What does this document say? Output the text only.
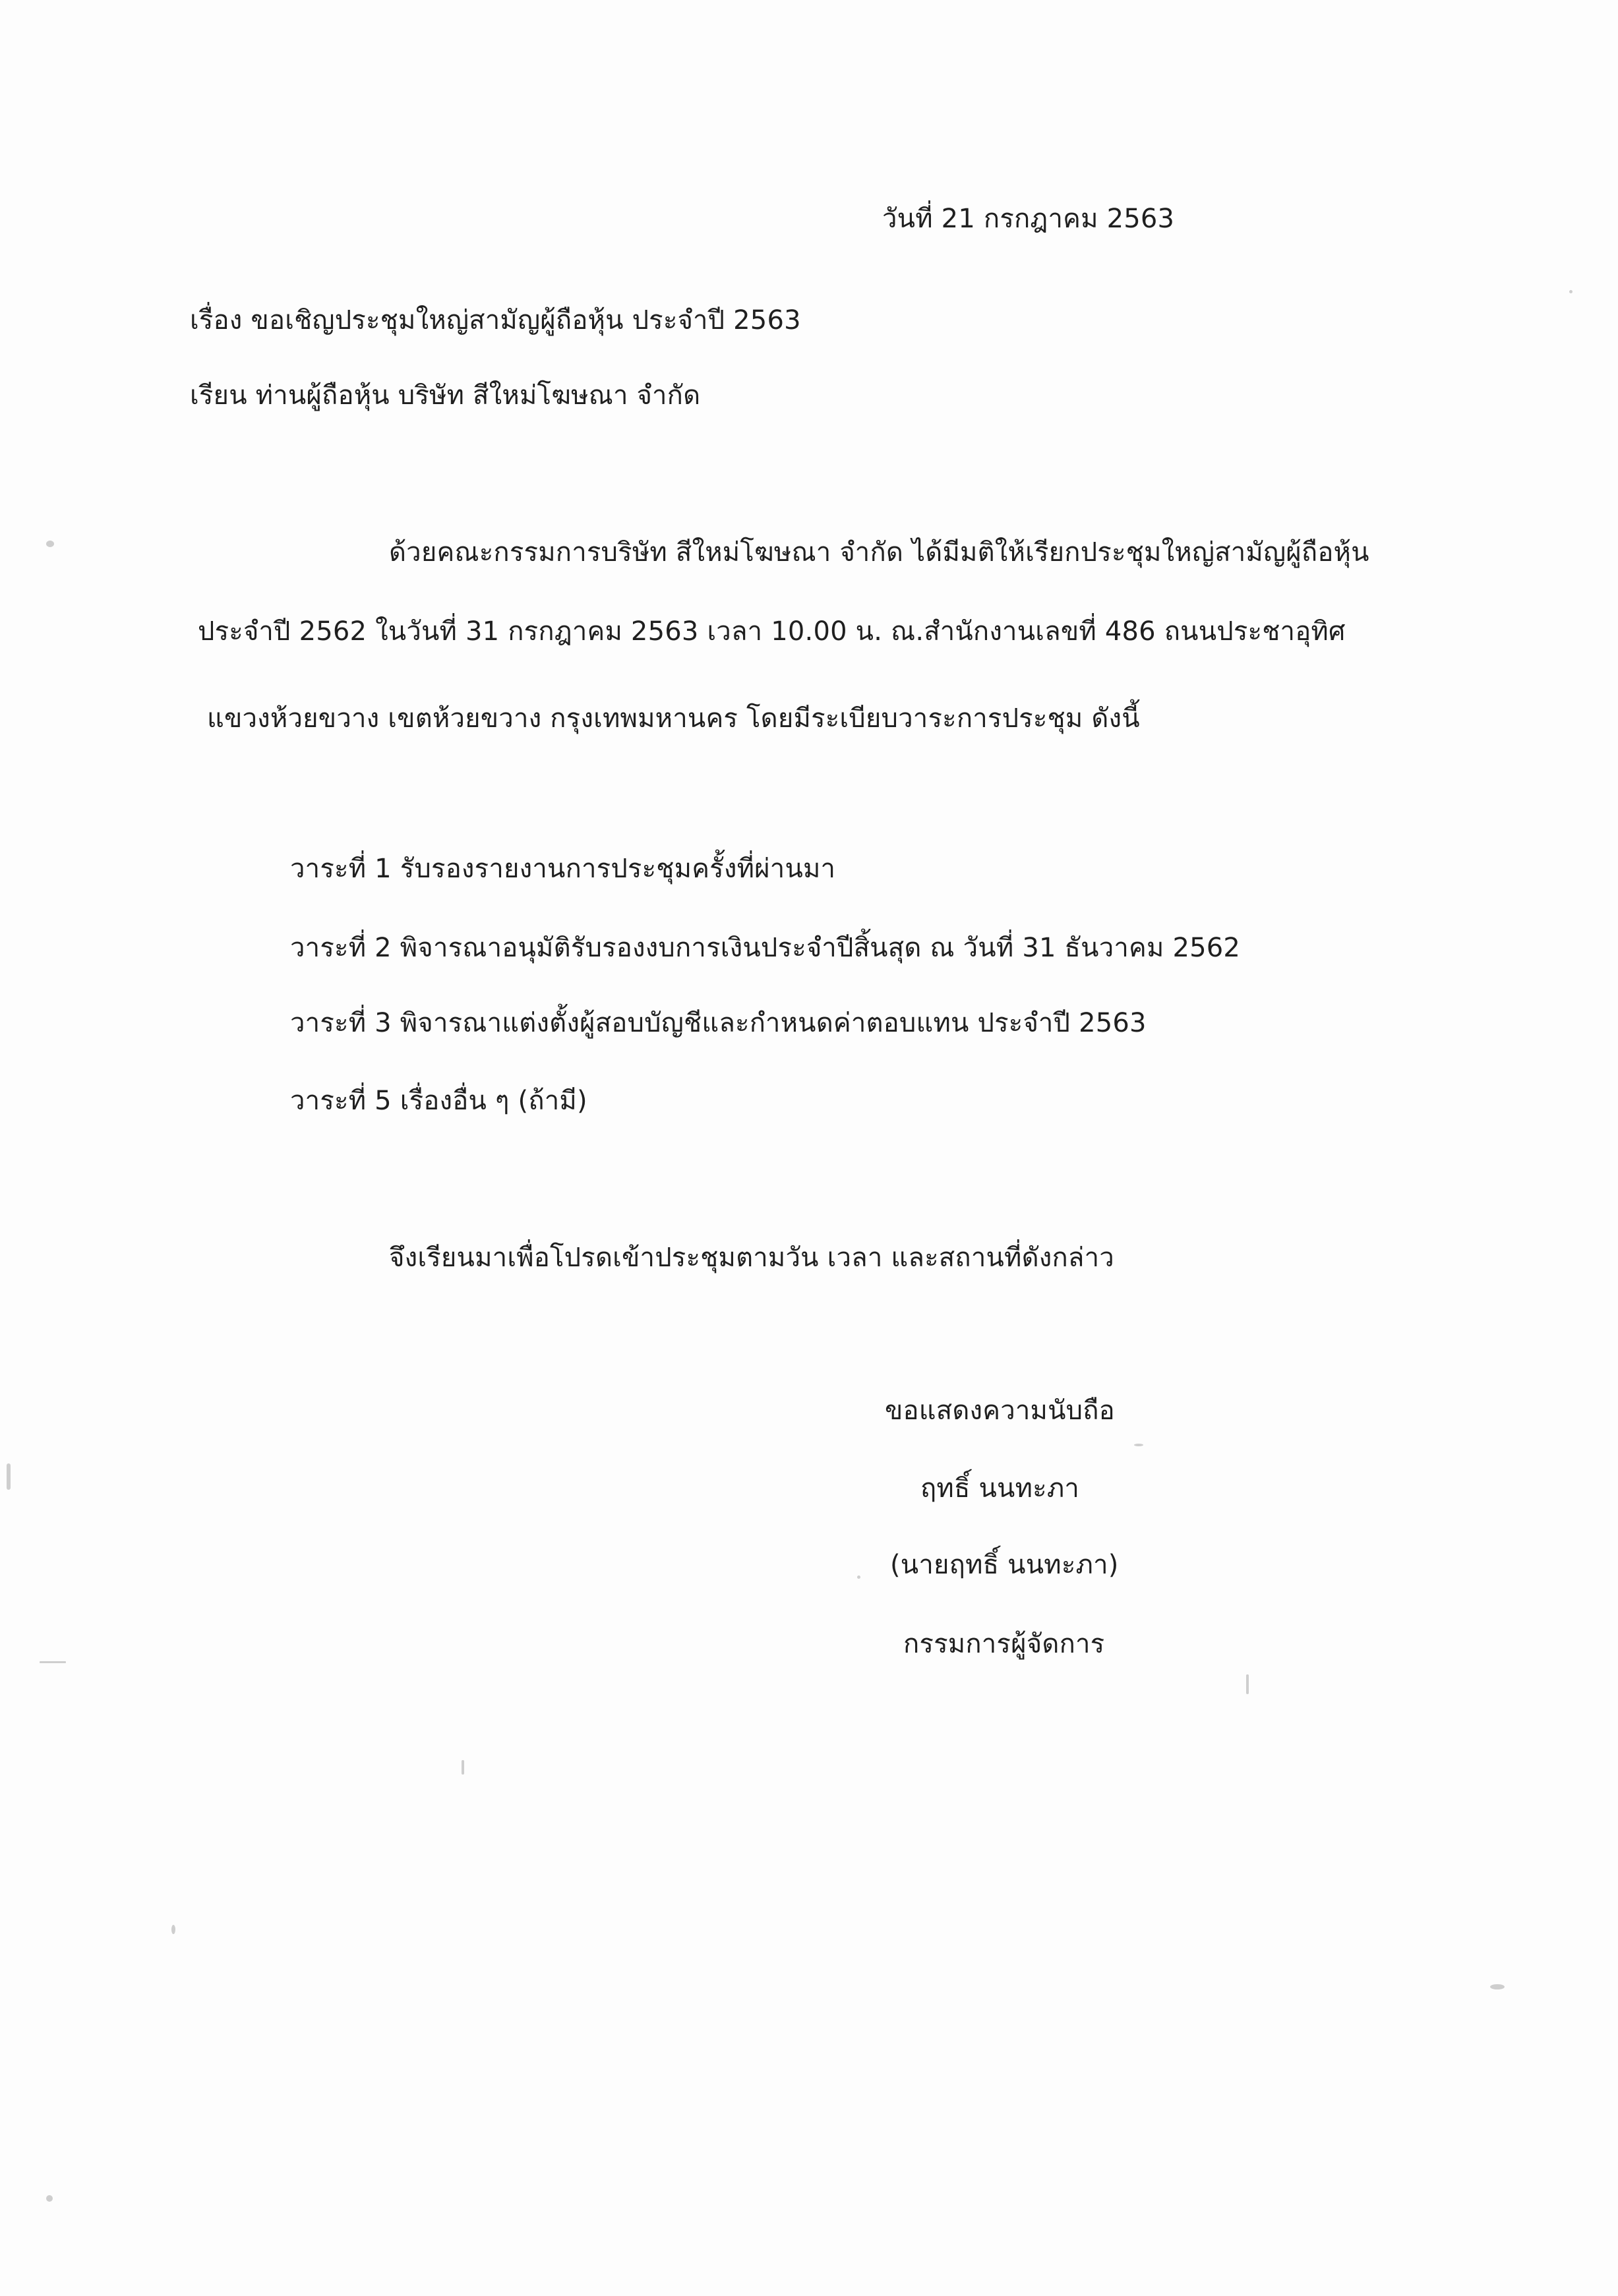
วันที่ 21 กรกฎาคม 2563
เรื่อง ขอเชิญประชุมใหญ่สามัญผู้ถือหุ้น ประจำปี 2563
เรียน ท่านผู้ถือหุ้น บริษัท สีใหม่โฆษณา จำกัด
ด้วยคณะกรรมการบริษัท สีใหม่โฆษณา จำกัด ได้มีมติให้เรียกประชุมใหญ่สามัญผู้ถือหุ้น
ประจำปี 2562 ในวันที่ 31 กรกฎาคม 2563 เวลา 10.00 น. ณ.สำนักงานเลขที่ 486 ถนนประชาอุทิศ
แขวงห้วยขวาง เขตห้วยขวาง กรุงเทพมหานคร โดยมีระเบียบวาระการประชุม ดังนี้
วาระที่ 1 รับรองรายงานการประชุมครั้งที่ผ่านมา
วาระที่ 2 พิจารณาอนุมัติรับรองงบการเงินประจำปีสิ้นสุด ณ วันที่ 31 ธันวาคม 2562
วาระที่ 3 พิจารณาแต่งตั้งผู้สอบบัญชีและกำหนดค่าตอบแทน ประจำปี 2563
วาระที่ 5 เรื่องอื่น ๆ (ถ้ามี)
จึงเรียนมาเพื่อโปรดเข้าประชุมตามวัน เวลา และสถานที่ดังกล่าว
ขอแสดงความนับถือ
ฤทธิ์ นนทะภา
(นายฤทธิ์ นนทะภา)
กรรมการผู้จัดการ
